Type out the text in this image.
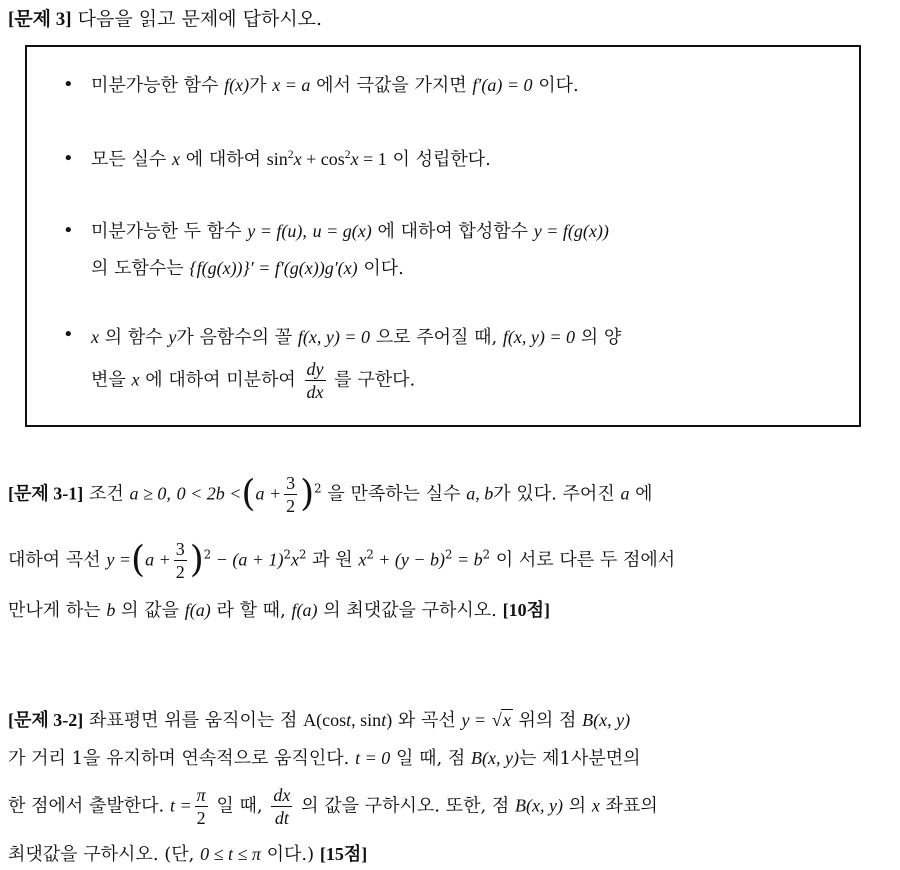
[문제 3] 다음을 읽고 문제에 답하시오.
• 미분가능한 함수 f(x)가 x = a 에서 극값을 가지면 f′(a) = 0 이다.
• 모든 실수 x 에 대하여 $\sin^2x + \cos^2x = 1$ 이 성립한다.
• 미분가능한 두 함수 y = f(u), u = g(x) 에 대하여 합성함수 y = f(g(x))
의 도함수는 {f(g(x))}′ = f′(g(x))g′(x) 이다.
• x 의 함수 y가 음함수의 꼴 f(x, y) = 0 으로 주어질 때, f(x, y) = 0 의 양
변을 x 에 대하여 미분하여 $\frac{dy}{dx}$ 를 구한다.
[문제 3-1] 조건 a ≥ 0, $0 < 2b <(a + \frac{3}{2} )^2$ 을 만족하는 실수 a, b가 있다. 주어진 a 에
대하여 곡선 $y =(a + \frac{3}{2} )^2 - (a + 1)^2x^2$ 과 원 $x^2 + (y - b)^2 = b^2$ 이 서로 다른 두 점에서
만나게 하는 b 의 값을 f(a) 라 할 때, f(a) 의 최댓값을 구하시오. [10점]
[문제 3-2] 좌표평면 위를 움직이는 점 A(cost, sint) 와 곡선 y = √x 위의 점 B(x, y)
가 거리 1을 유지하며 연속적으로 움직인다. t = 0 일 때, 점 B(x, y)는 제1사분면의
한 점에서 출발한다. $t = \frac{\pi}{2}$ 일 때, $\frac{dx}{dt}$ 의 값을 구하시오. 또한, 점 B(x, y) 의 x 좌표의
최댓값을 구하시오. (단, 0 ≤ t ≤ π 이다.) [15점]
